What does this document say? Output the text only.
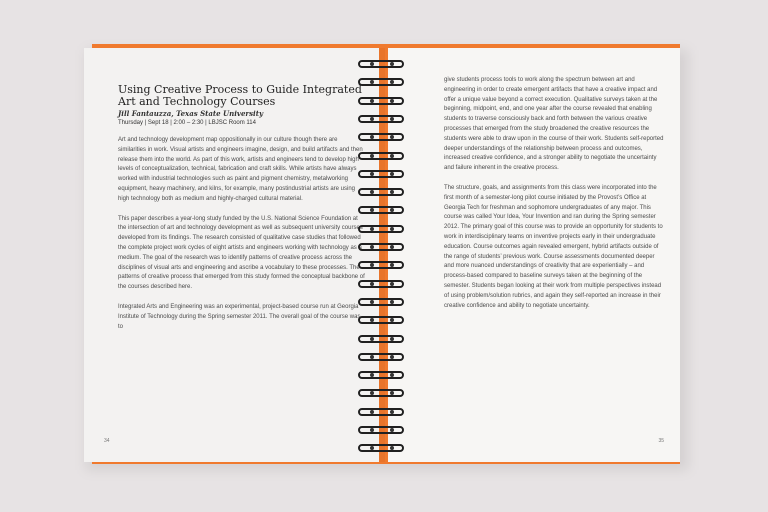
Using Creative Process to Guide Integrated Art and Technology Courses
Jill Fantauzza, Texas State University
Thursday | Sept 18 | 2:00 – 2:30 | LBJSC Room 114

Art and technology development map oppositionally in our culture though there are similarities in work. Visual artists and engineers imagine, design, and build artifacts and then release them into the world. As part of this work, artists and engineers tend to develop high levels of conceptualization, technical, fabrication and craft skills. While artists have always worked with industrial technologies such as paint and pigment chemistry, metalworking equipment, heavy machinery, and kilns, for example, many postindustrial artists are using high technology both as medium and highly-charged cultural material.

This paper describes a year-long study funded by the U.S. National Science Foundation at the intersection of art and technology development as well as subsequent university courses developed from its findings. The research consisted of qualitative case studies that followed the complete project work cycles of eight artists and engineers working with technology as a medium. The goal of the research was to identify patterns of creative process across the disciplines of visual arts and engineering and ascribe a vocabulary to these processes. The patterns of creative process that emerged from this study formed the conceptual backbone of the courses described here.

Integrated Arts and Engineering was an experimental, project-based course run at Georgia Institute of Technology during the Spring semester 2011. The overall goal of the course was to

34

give students process tools to work along the spectrum between art and engineering in order to create emergent artifacts that have a creative impact and offer a unique value beyond a correct execution. Qualitative surveys taken at the beginning, midpoint, end, and one year after the course revealed that enabling students to traverse consciously back and forth between the various creative processes that emerged from the study broadened the creative resources the students were able to draw upon in the course of their work. Students self-reported deeper understandings of the relationship between process and outcomes, increased creative confidence, and a stronger ability to negotiate the uncertainty and failure inherent in the creative process.

The structure, goals, and assignments from this class were incorporated into the first month of a semester-long pilot course initiated by the Provost’s Office at Georgia Tech for freshman and sophomore undergraduates of any major. This course was called Your Idea, Your Invention and ran during the Spring semester 2012. The primary goal of this course was to provide an opportunity for students to work in interdisciplinary teams on inventive projects early in their undergraduate education. Course outcomes again revealed emergent, hybrid artifacts outside of the range of students’ previous work. Course assessments documented deeper and more nuanced understandings of creativity that are experientially – and process-based compared to baseline surveys taken at the beginning of the semester. Students began looking at their work from multiple perspectives instead of using problem/solution rubrics, and again they self-reported an increase in their creative confidence and ability to negotiate uncertainty.

35
